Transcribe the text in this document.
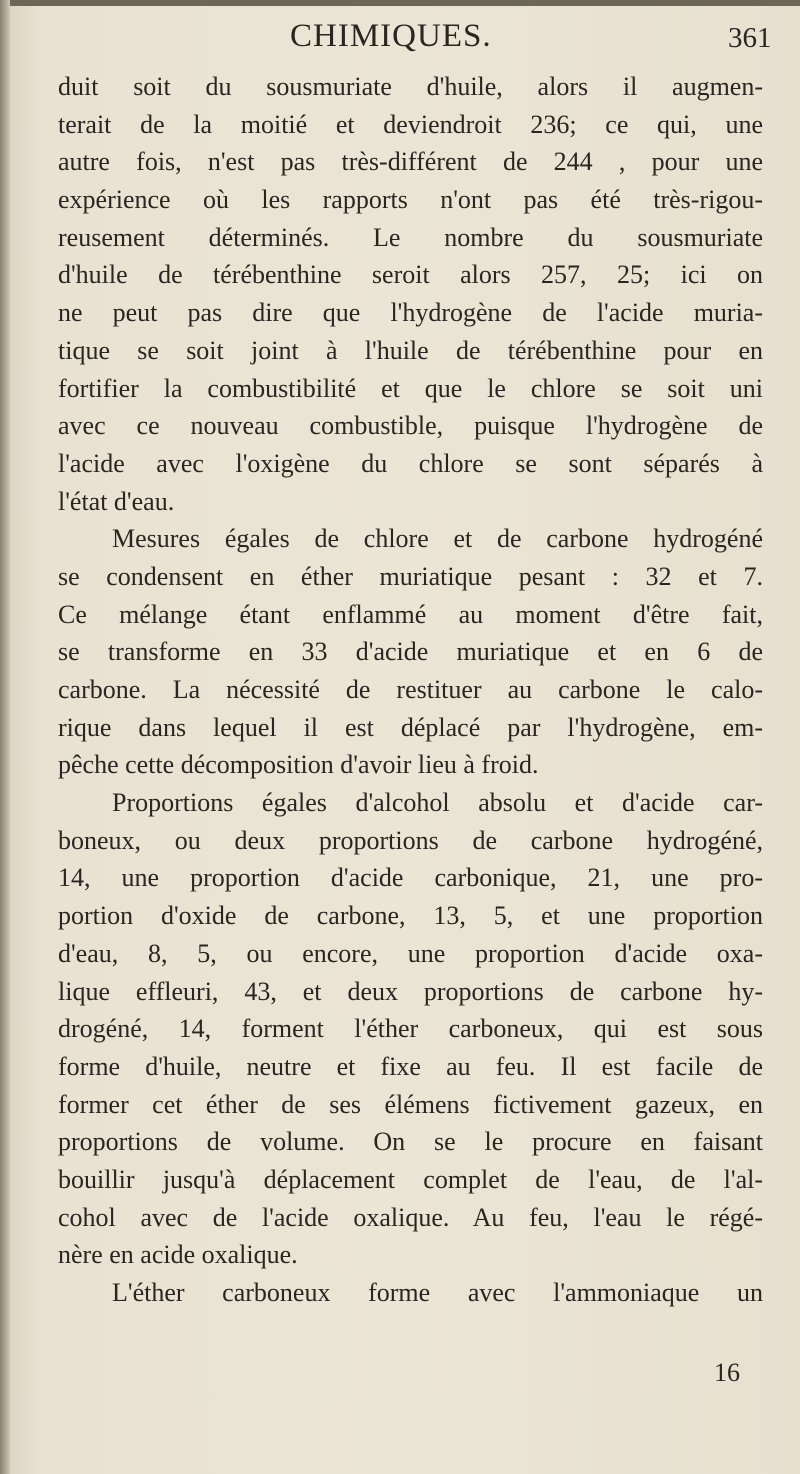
CHIMIQUES.	361
duit soit du sousmuriate d'huile, alors il augmen-
terait de la moitié et deviendroit 236; ce qui, une
autre fois, n'est pas très-différent de 244 , pour une
expérience où les rapports n'ont pas été très-rigou-
reusement déterminés. Le nombre du sousmuriate
d'huile de térébenthine seroit alors 257, 25; ici on
ne peut pas dire que l'hydrogène de l'acide muria-
tique se soit joint à l'huile de térébenthine pour en
fortifier la combustibilité et que le chlore se soit uni
avec ce nouveau combustible, puisque l'hydrogène de
l'acide avec l'oxigène du chlore se sont séparés à
l'état d'eau.
Mesures égales de chlore et de carbone hydrogéné
se condensent en éther muriatique pesant : 32 et 7.
Ce mélange étant enflammé au moment d'être fait,
se transforme en 33 d'acide muriatique et en 6 de
carbone. La nécessité de restituer au carbone le calo-
rique dans lequel il est déplacé par l'hydrogène, em-
pêche cette décomposition d'avoir lieu à froid.
Proportions égales d'alcohol absolu et d'acide car-
boneux, ou deux proportions de carbone hydrogéné,
14, une proportion d'acide carbonique, 21, une pro-
portion d'oxide de carbone, 13, 5, et une proportion
d'eau, 8, 5, ou encore, une proportion d'acide oxa-
lique effleuri, 43, et deux proportions de carbone hy-
drogéné, 14, forment l'éther carboneux, qui est sous
forme d'huile, neutre et fixe au feu. Il est facile de
former cet éther de ses élémens fictivement gazeux, en
proportions de volume. On se le procure en faisant
bouillir jusqu'à déplacement complet de l'eau, de l'al-
cohol avec de l'acide oxalique. Au feu, l'eau le régé-
nère en acide oxalique.
L'éther carboneux forme avec l'ammoniaque un
16
